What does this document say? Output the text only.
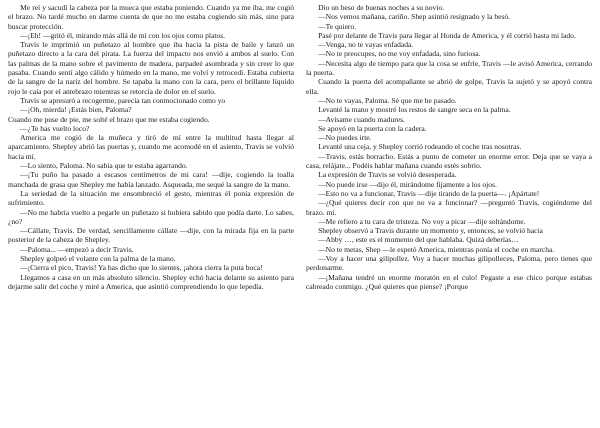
Me reí y sacudí la cabeza por la mueca que estaba poniendo. Cuando ya me iba, me cogió el brazo. No tardé mucho en darme cuenta de que no me estaba cogiendo sin más, sino para buscar protección.

—¡Eh! —gritó él, mirando más allá de mí con los ojos como platos.

Travis le imprimió un puñetazo al hombre que iba hacia la pista de baile y lanzó un puñetazo directo a la cara del pirata. La fuerza del impacto nos envió a ambos al suelo. Con las palmas de la mano sobre el pavimento de madera, parpadeé asombrada y sin creer lo que pasaba. Cuando sentí algo cálido y húmedo en la mano, me volví y retrocedí. Estaba cubierta de la sangre de la nariz del hombre. Se tapaba la mano con la cara, pero el brillante líquido rojo le caía por el antebrazo mientras se retorcía de dolor en el suelo.

Travis se apresuró a recogerme, parecía tan conmocionado como yo

—¡Oh, mierda! ¡Estás bien, Paloma?

Cuando me puse de pie, me solté el brazo que me estaba cogiendo.

—¿Te has vuelto loco?

America me cogió de la muñeca y tiró de mí entre la multitud hasta llegar al aparcamiento. Shepley abrió las puertas y, cuando me acomodé en el asiento, Travis se volvió hacia mí.

—Lo siento, Paloma. No sabía que te estaba agarrando.

—¡Tu puño ha pasado a escasos centímetros de mi cara! —dije, cogiendo la toalla manchada de grasa que Shepley me había lanzado. Asqueada, me sequé la sangre de la mano.

La seriedad de la situación me ensombreció el gesto, mientras él ponía expresión de sufrimiento.

—No me habría vuelto a pegarle un puñetazo si hubiera sabido que podía darte. Lo sabes, ¿no?

—Cállate, Travis. De verdad, sencillamente cállate —dije, con la mirada fija en la parte posterior de la cabeza de Shepley.

—Paloma... —empezó a decir Travis.

Shepley golpeó el volante con la palma de la mano.

—¡Cierra el pico, Travis! Ya has dicho que lo sientes, ¡ahora cierra la puta boca!

Llegamos a casa en un más absoluto silencio. Shepley echó hacia delante su asiento para dejarme salir del coche y miré a America, que asintió comprendiendo lo que lepedía.

Dio un beso de buenas noches a su novio.

—Nos vemos mañana, cariño. Shep asintió resignado y la besó.

—Te quiero.

Pasé por delante de Travis para llegar al Honda de America, y él corrió hasta mi lado.

—Venga, no te vayas enfadada.

—No te preocupes, no me voy enfadada, sino furiosa.

—Necesita algo de tiempo para que la cosa se enfríe, Travis —le avisó America, cerrando la puerta.

Cuando la puerta del acompañante se abrió de golpe, Travis la sujetó y se apoyó contra ella.

—No te vayas, Paloma. Sé que me he pasado.

Levanté la mano y mostré los restos de sangre seca en la palma.

—Avísame cuando madures.

Se apoyó en la puerta con la cadera.

—No puedes irte.

Levanté una ceja, y Shepley corrió rodeando el coche tras nosotras.

—Travis, estás borracho. Estás a punto de cometer un enorme error. Deja que se vaya a casa, relájate... Podéis hablar mañana cuando estés sobrio.

La expresión de Travis se volvió desesperada.

—No puede irse —dijo él, mirándome fijamente a los ojos.

—Esto no va a funcionar, Travis —dije tirando de la puerta—. ¡Apártate!

—¿Qué quieres decir con que no va a funcionar? —preguntó Travis, cogiéndome del brazo. mí.

—Me refiero a tu cara de tristeza. No voy a picar —dije soltándome.

Shepley observó a Travis durante un momento y, entonces, se volvió hacia

—Abby …, este es el momento del que hablaba. Quizá deberías…

—No te metas, Shep —le espetó America, mientras ponía el coche en marcha.

—Voy a hacer una gilipollez. Voy a hacer muchas gilipolleces, Paloma, pero tienes que perdonarme.

—¡Mañana tendré un enorme moratón en el culo! Pegaste a ese chico porque estabas cabreado conmigo. ¿Qué quieres que piense? ¡Porque
